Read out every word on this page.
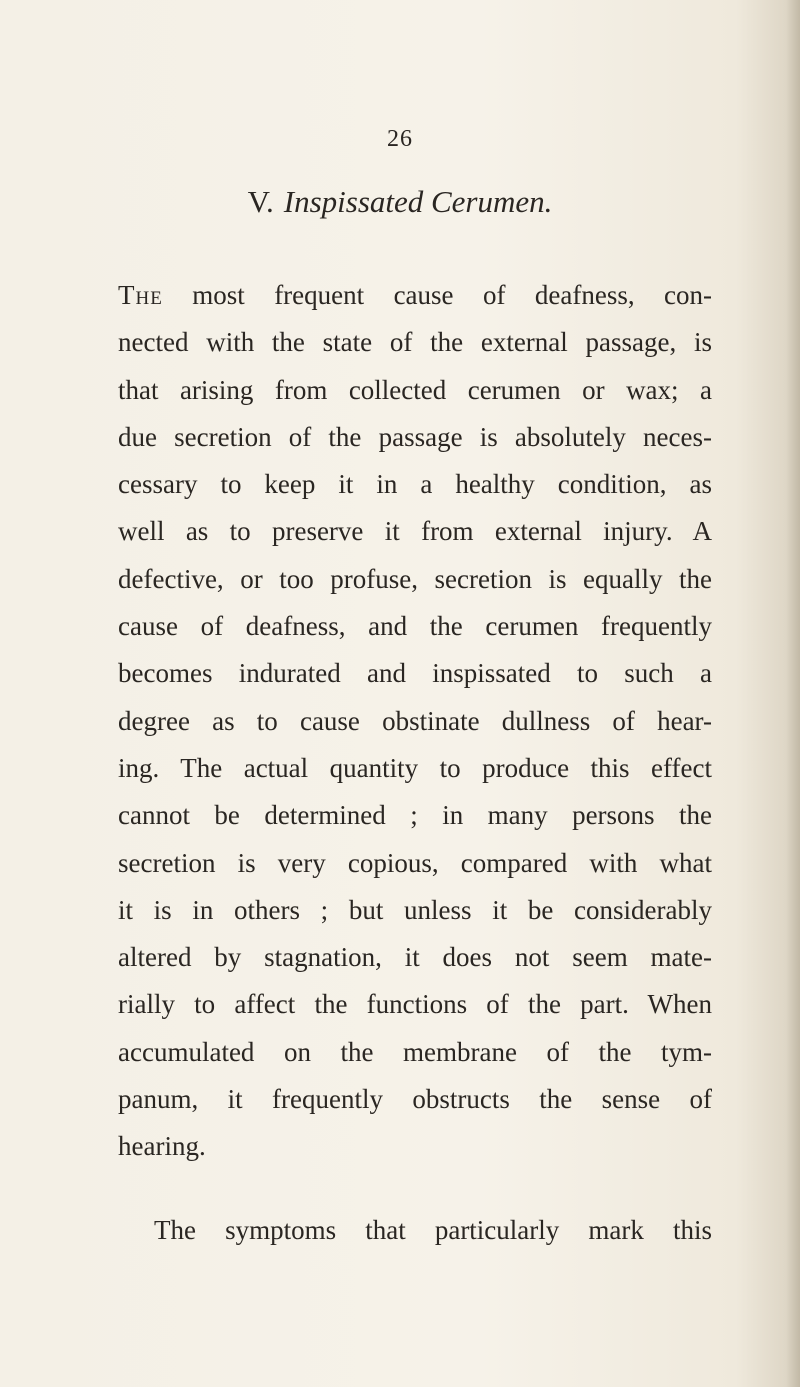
26
V. Inspissated Cerumen.
The most frequent cause of deafness, con-
nected with the state of the external passage, is
that arising from collected cerumen or wax; a
due secretion of the passage is absolutely neces-
cessary to keep it in a healthy condition, as
well as to preserve it from external injury. A
defective, or too profuse, secretion is equally the
cause of deafness, and the cerumen frequently
becomes indurated and inspissated to such a
degree as to cause obstinate dullness of hear-
ing. The actual quantity to produce this effect
cannot be determined ; in many persons the
secretion is very copious, compared with what
it is in others ; but unless it be considerably
altered by stagnation, it does not seem mate-
rially to affect the functions of the part. When
accumulated on the membrane of the tym-
panum, it frequently obstructs the sense of
hearing.
The symptoms that particularly mark this
